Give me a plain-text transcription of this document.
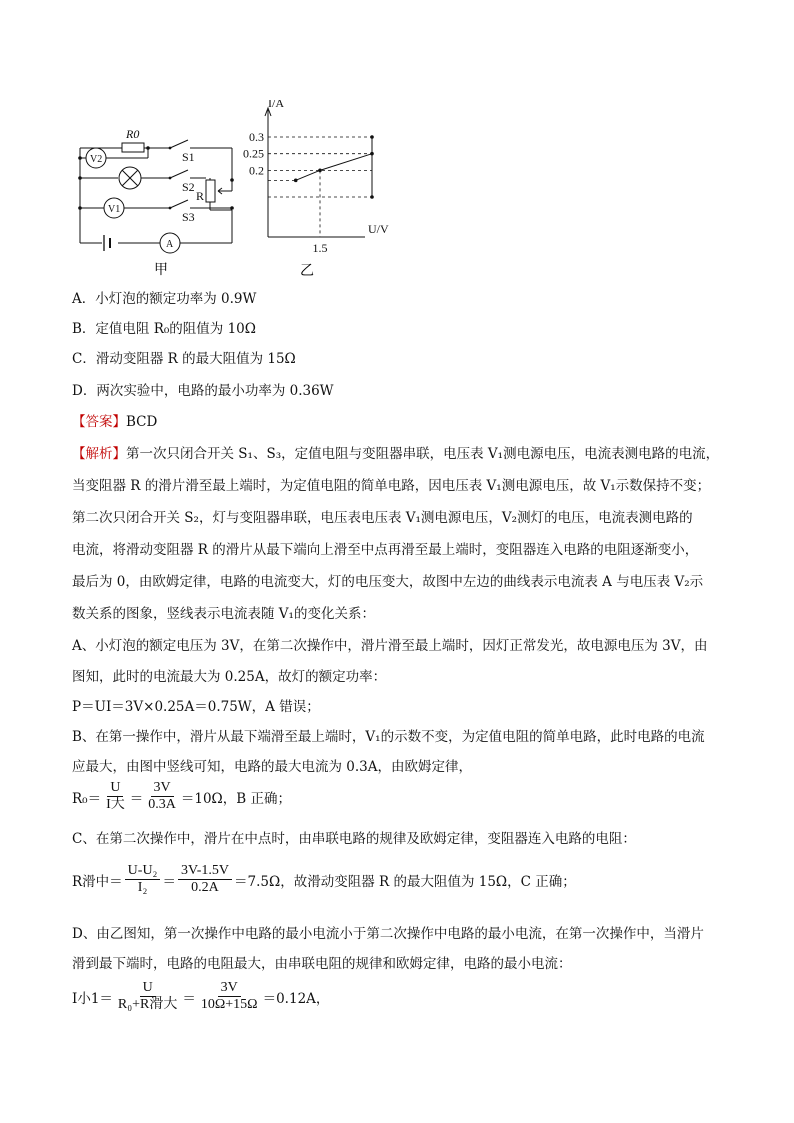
R0
S1
S2
S3
V2
V1
R
A
甲
0.3
0.25
0.2
1.5
I/A
U/V
乙
A．小灯泡的额定功率为 0.9W
B．定值电阻 R₀的阻值为 10Ω
C．滑动变阻器 R 的最大阻值为 15Ω
D．两次实验中，电路的最小功率为 0.36W
【答案】BCD
【解析】第一次只闭合开关 S₁、S₃，定值电阻与变阻器串联，电压表 V₁测电源电压，电流表测电路的电流，
当变阻器 R 的滑片滑至最上端时，为定值电阻的简单电路，因电压表 V₁测电源电压，故 V₁示数保持不变；
第二次只闭合开关 S₂，灯与变阻器串联，电压表电压表 V₁测电源电压，V₂测灯的电压，电流表测电路的
电流，将滑动变阻器 R 的滑片从最下端向上滑至中点再滑至最上端时，变阻器连入电路的电阻逐渐变小，
最后为 0，由欧姆定律，电路的电流变大，灯的电压变大，故图中左边的曲线表示电流表 A 与电压表 V₂示
数关系的图象，竖线表示电流表随 V₁的变化关系：
A、小灯泡的额定电压为 3V，在第二次操作中，滑片滑至最上端时，因灯正常发光，故电源电压为 3V，由
图知，此时的电流最大为 0.25A，故灯的额定功率：
P＝UI＝3V×0.25A＝0.75W，A 错误；
B、在第一操作中，滑片从最下端滑至最上端时，V₁的示数不变，为定值电阻的简单电路，此时电路的电流
应最大，由图中竖线可知，电路的最大电流为 0.3A，由欧姆定律，
$R_0= \frac{U}{\text{I大}} = \frac{3V}{0.3A} =10\Omega$，B 正确；
C、在第二次操作中，滑片在中点时，由串联电路的规律及欧姆定律，变阻器连入电路的电阻：
R滑中＝ $\frac{\text{U-U₂}}{\text{I₂}} = \frac{3V-1.5V}{0.2A} =7.5\Omega$，故滑动变阻器 R 的最大阻值为 15Ω，C 正确；
D、由乙图知，第一次操作中电路的最小电流小于第二次操作中电路的最小电流，在第一次操作中，当滑片
滑到最下端时，电路的电阻最大，由串联电阻的规律和欧姆定律，电路的最小电流：
I小$1= \frac{U}{\text{R₀+R滑大}} = \frac{3V}{10\Omega+15\Omega} =0.12A$，
